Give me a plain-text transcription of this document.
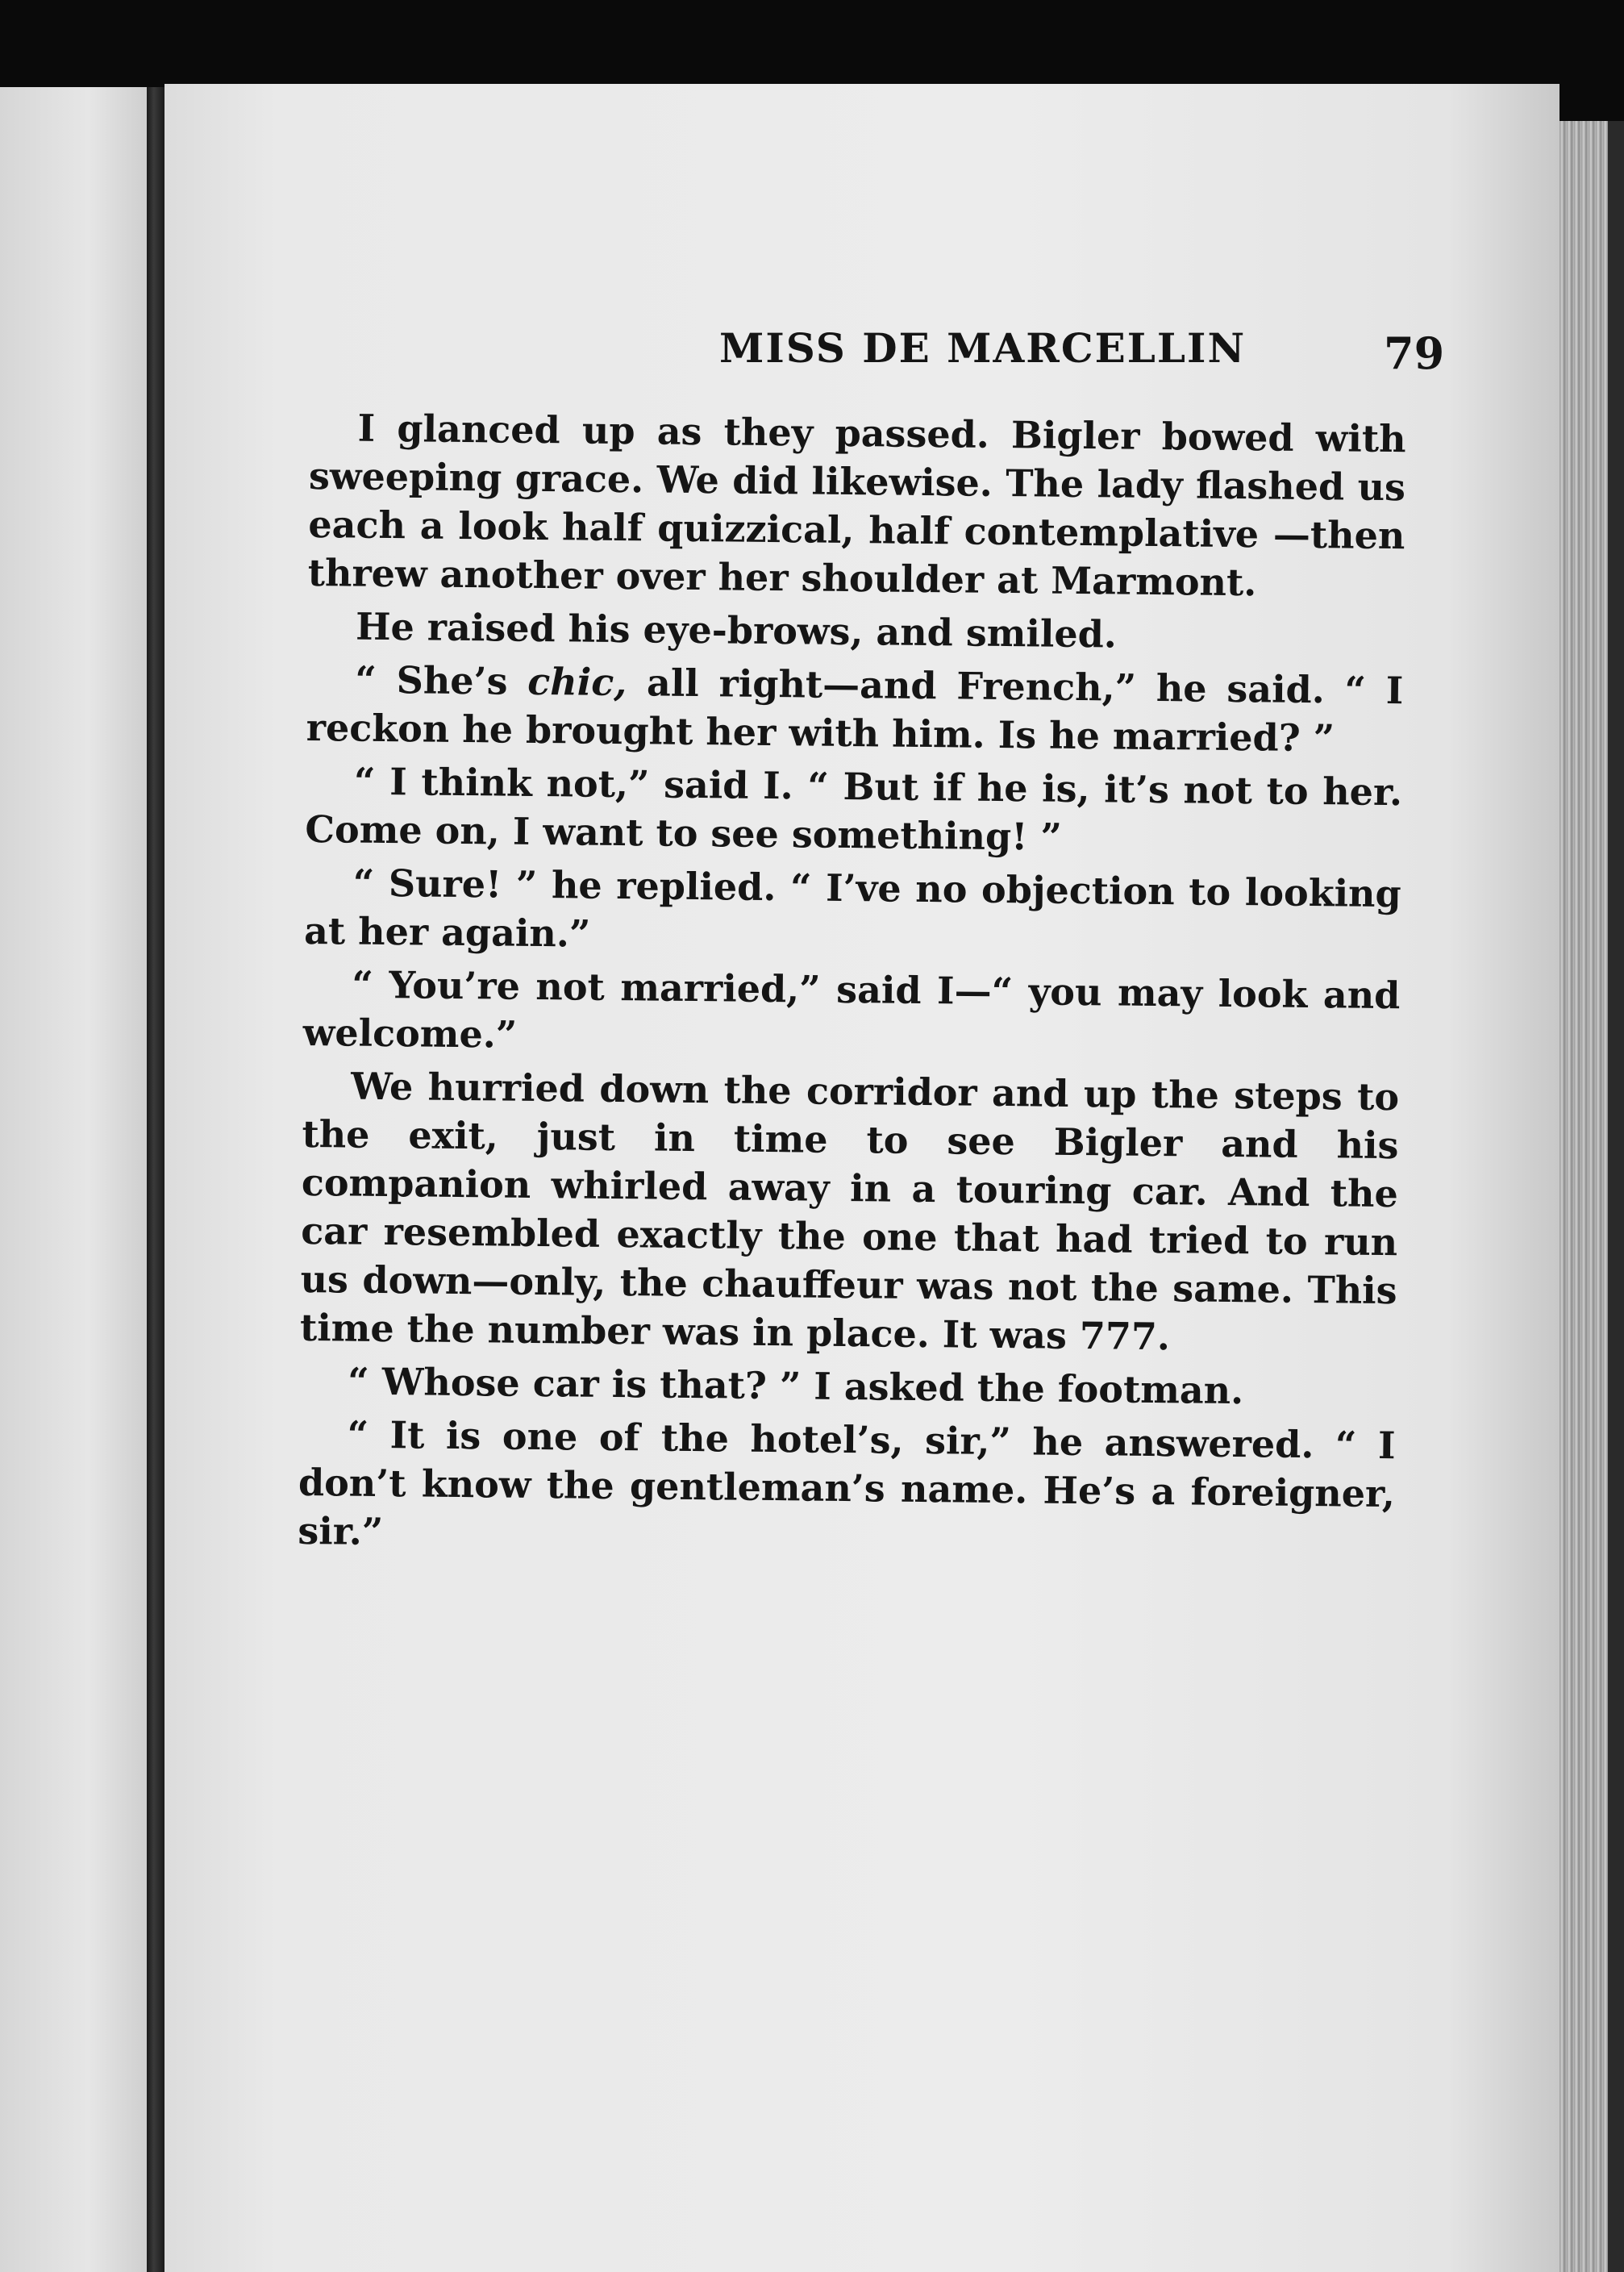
MISS DE MARCELLIN	79

I glanced up as they passed. Bigler bowed with sweeping grace. We did likewise. The lady flashed us each a look half quizzical, half contemplative —then threw another over her shoulder at Marmont.

He raised his eye-brows, and smiled.

“ She’s chic, all right—and French,” he said. “ I reckon he brought her with him. Is he married? ”

“ I think not,” said I. “ But if he is, it’s not to her. Come on, I want to see something! ”

“ Sure! ” he replied. “ I’ve no objection to looking at her again.”

“ You’re not married,” said I—“ you may look and welcome.”

We hurried down the corridor and up the steps to the exit, just in time to see Bigler and his companion whirled away in a touring car. And the car resembled exactly the one that had tried to run us down—only, the chauffeur was not the same. This time the number was in place. It was 777.

“ Whose car is that? ” I asked the footman.

“ It is one of the hotel’s, sir,” he answered. “ I don’t know the gentleman’s name. He’s a foreigner, sir.”
